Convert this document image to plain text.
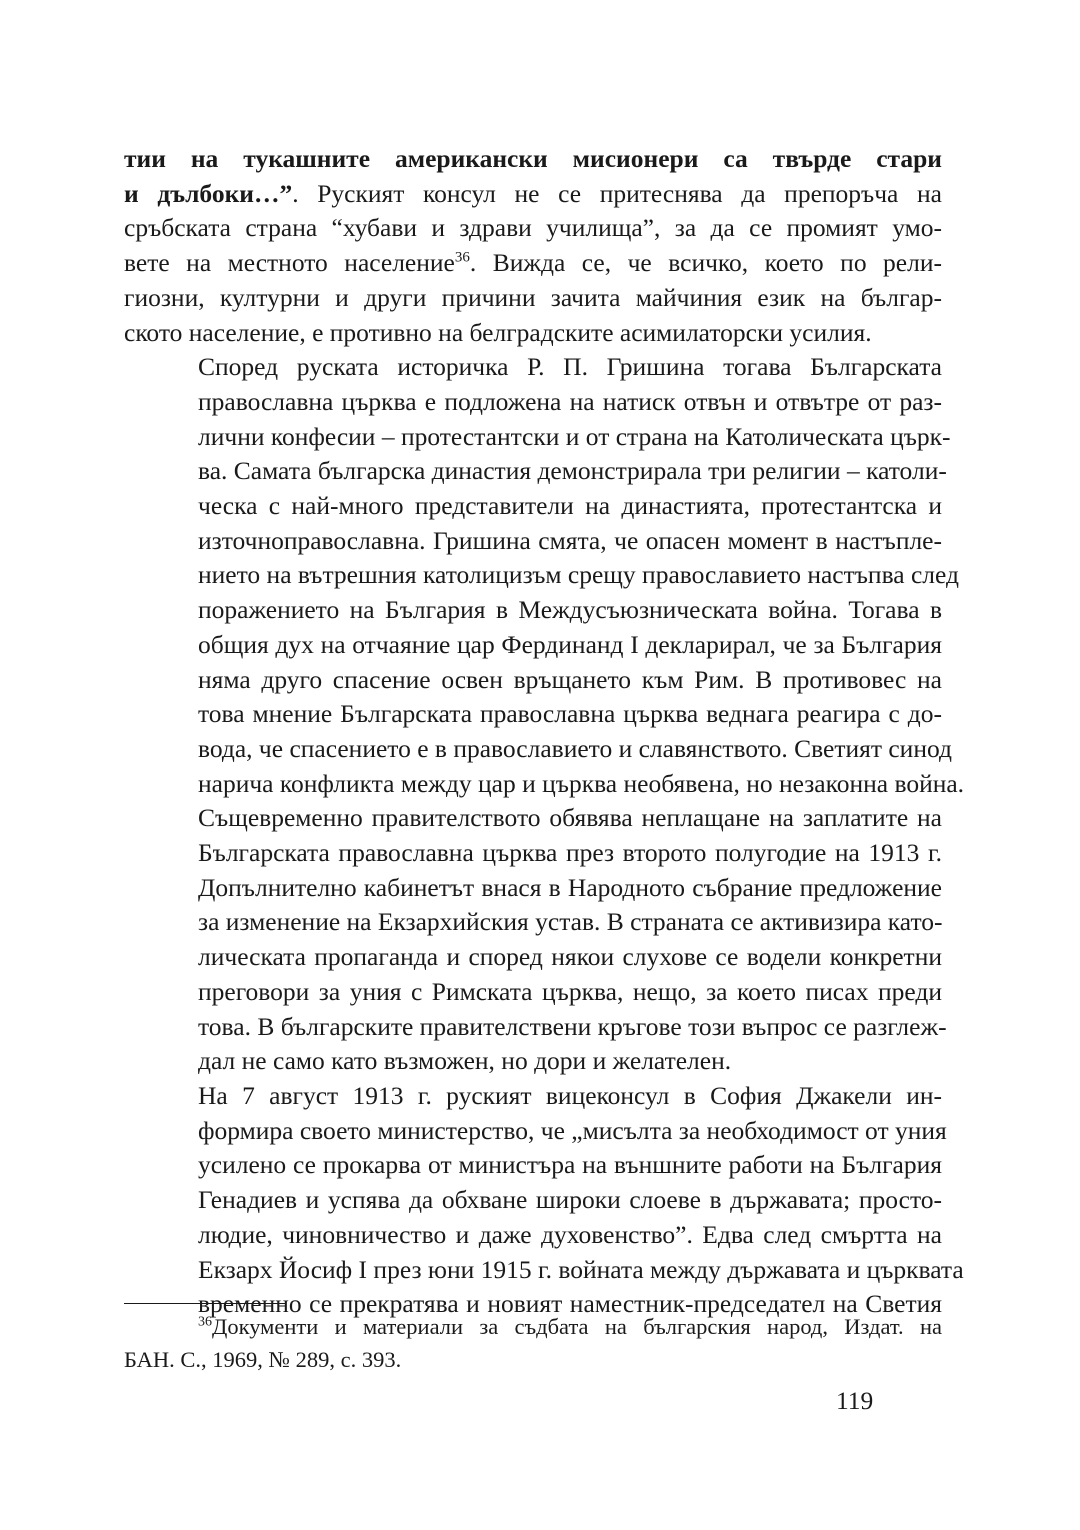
тии на тукашните американски мисионери са твърде стари
и дълбоки…”. Руският консул не се притеснява да препоръча на
сръбската страна “хубави и здрави училища”, за да се промият умо-
вете на местното население$^{36}$. Вижда се, че всичко, което по рели-
гиозни, културни и други причини зачита майчиния език на българ-
ското население, е противно на белградските асимилаторски усилия.

Според руската историчка Р. П. Гришина тогава Българската
православна църква е подложена на натиск отвън и отвътре от раз-
лични конфесии – протестантски и от страна на Католическата църк-
ва. Самата българска династия демонстрирала три религии – католи-
ческа с най-много представители на династията, протестантска и
източноправославна. Гришина смята, че опасен момент в настъпле-
нието на вътрешния католицизъм срещу православието настъпва след
поражението на България в Междусъюзническата война. Тогава в
общия дух на отчаяние цар Фердинанд I декларирал, че за България
няма друго спасение освен връщането към Рим. В противовес на
това мнение Българската православна църква веднага реагира с до-
вода, че спасението е в православието и славянството. Светият синод
нарича конфликта между цар и църква необявена, но незаконна война.
Същевременно правителството обявява неплащане на заплатите на
Българската православна църква през второто полугодие на 1913 г.
Допълнително кабинетът внася в Народното събрание предложение
за изменение на Екзархийския устав. В страната се активизира като-
лическата пропаганда и според някои слухове се водели конкретни
преговори за уния с Римската църква, нещо, за което писах преди
това. В българските правителствени кръгове този въпрос се разглеж-
дал не само като възможен, но дори и желателен.

На 7 август 1913 г. руският вицеконсул в София Джакели ин-
формира своето министерство, че „мисълта за необходимост от уния
усилено се прокарва от министъра на външните работи на България
Генадиев и успява да обхване широки слоеве в държавата; просто-
людие, чиновничество и даже духовенство”. Едва след смъртта на
Екзарх Йосиф I през юни 1915 г. войната между държавата и църквата
временно се прекратява и новият наместник-председател на Светия

$^{36}$Документи и материали за съдбата на българския народ, Издат. на
БАН. С., 1969, № 289, с. 393.
119
